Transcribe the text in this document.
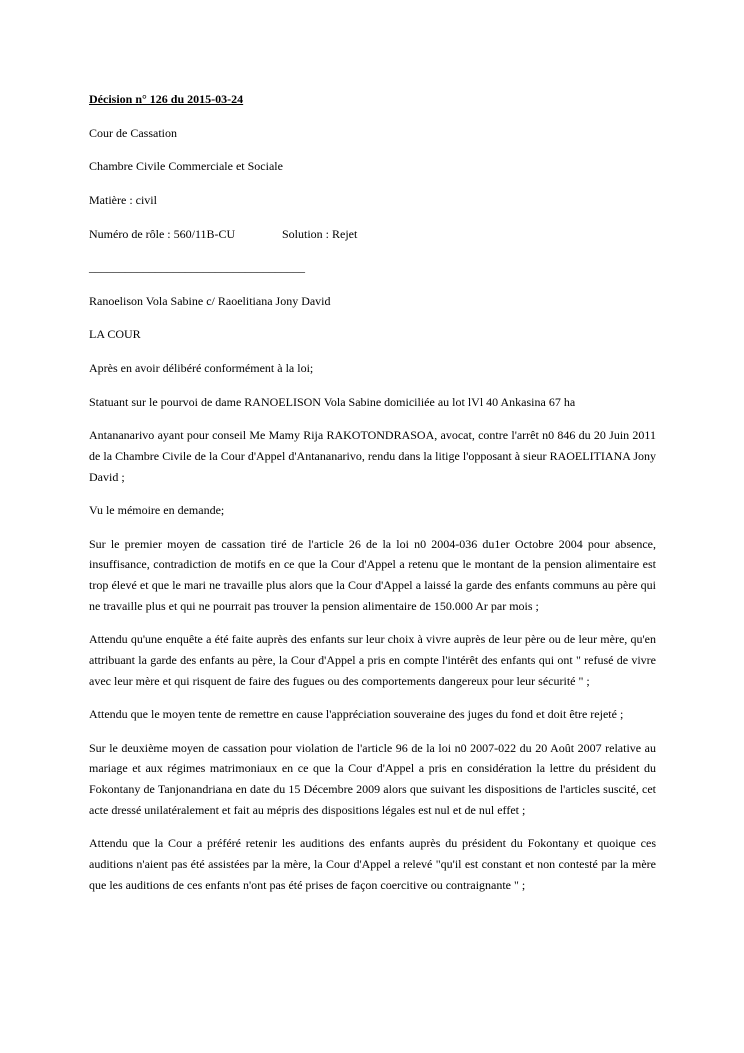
Décision n° 126 du 2015-03-24

Cour de Cassation

Chambre Civile Commerciale et Sociale

Matière : civil

Numéro de rôle : 560/11B-CU	Solution : Rejet

____________________________________

Ranoelison Vola Sabine c/ Raoelitiana Jony David

LA COUR

Après en avoir délibéré conformément à la loi;

Statuant sur le pourvoi de dame RANOELISON Vola Sabine domiciliée au lot lVl 40 Ankasina 67 ha

Antananarivo ayant pour conseil Me Mamy Rija RAKOTONDRASOA, avocat, contre l'arrêt n0 846 du 20 Juin 2011 de la Chambre Civile de la Cour d'Appel d'Antananarivo, rendu dans la litige l'opposant à sieur RAOELITIANA Jony David ;

Vu le mémoire en demande;

Sur le premier moyen de cassation tiré de l'article 26 de la loi n0 2004-036 du1er Octobre 2004 pour absence, insuffisance, contradiction de motifs en ce que la Cour d'Appel a retenu que le montant de la pension alimentaire est trop élevé et que le mari ne travaille plus alors que la Cour d'Appel a laissé la garde des enfants communs au père qui ne travaille plus et qui ne pourrait pas trouver la pension alimentaire de 150.000 Ar par mois ;

Attendu qu'une enquête a été faite auprès des enfants sur leur choix à vivre auprès de leur père ou de leur mère, qu'en attribuant la garde des enfants au père, la Cour d'Appel a pris en compte l'intérêt des enfants qui ont " refusé de vivre avec leur mère et qui risquent de faire des fugues ou des comportements dangereux pour leur sécurité " ;

Attendu que le moyen tente de remettre en cause l'appréciation souveraine des juges du fond et doit être rejeté ;

Sur le deuxième moyen de cassation pour violation de l'article 96 de la loi n0 2007-022 du 20 Août 2007 relative au mariage et aux régimes matrimoniaux en ce que la Cour d'Appel a pris en considération la lettre du président du Fokontany de Tanjonandriana en date du 15 Décembre 2009 alors que suivant les dispositions de l'articles suscité, cet acte dressé unilatéralement et fait au mépris des dispositions légales est nul et de nul effet ;

Attendu que la Cour a préféré retenir les auditions des enfants auprès du président du Fokontany et quoique ces auditions n'aient pas été assistées par la mère, la Cour d'Appel a relevé "qu'il est constant et non contesté par la mère que les auditions de ces enfants n'ont pas été prises de façon coercitive ou contraignante " ;
